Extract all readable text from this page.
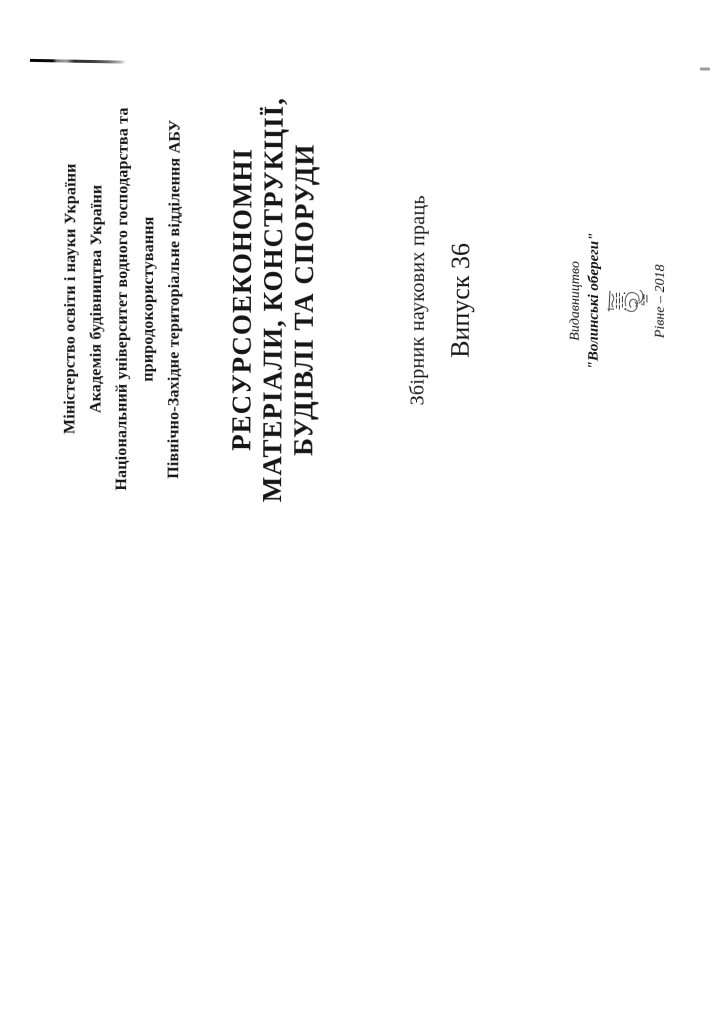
Міністерство освіти і науки України Академія будівництва України Національний університет водного господарства та природокористування Північно-Західне територіальне відділення АБУ РЕСУРСОЕКОНОМНІ МАТЕРІАЛИ, КОНСТРУКЦІЇ, БУДІВЛІ ТА СПОРУДИ	Збірник наукових праць Випуск 36	Видавництво "Волинські обереги"	Рівне – 2018
